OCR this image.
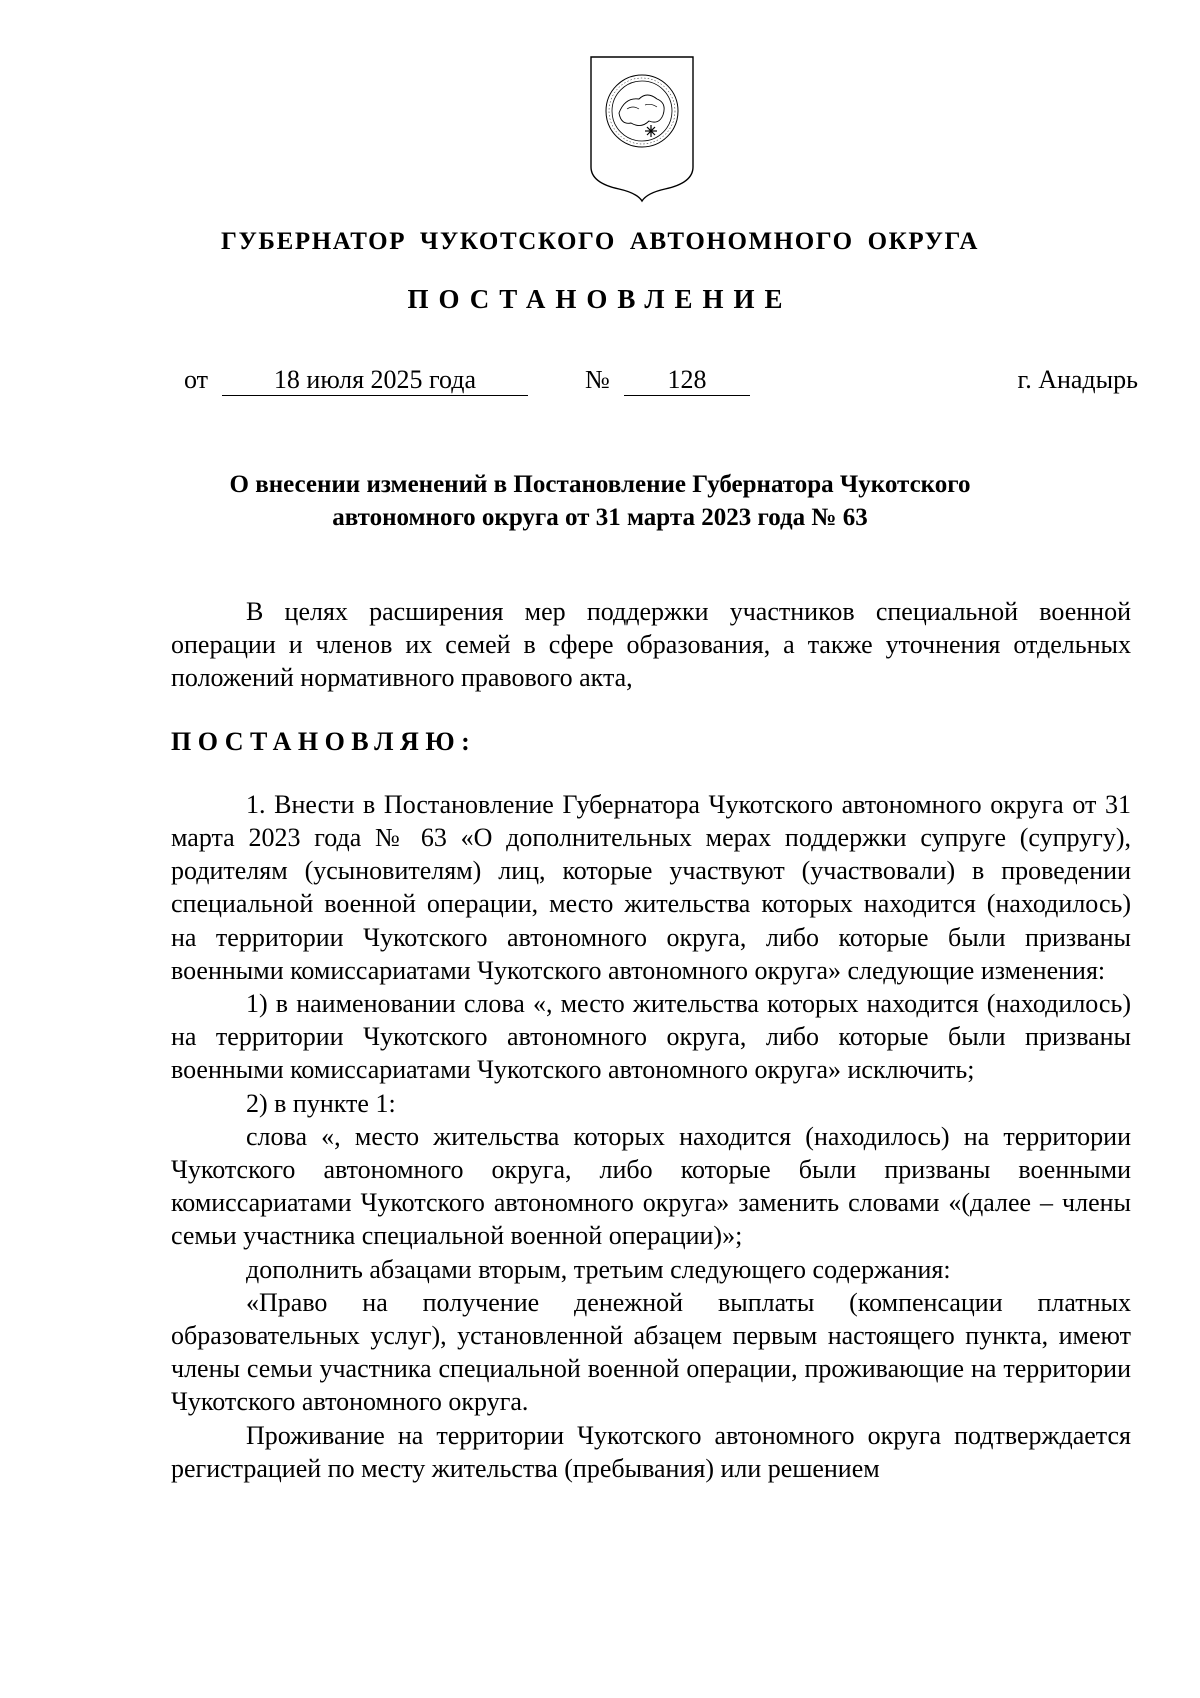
ГУБЕРНАТОР ЧУКОТСКОГО АВТОНОМНОГО ОКРУГА
ПОСТАНОВЛЕНИЕ
от	18 июля 2025 года	№	128	г. Анадырь
О внесении изменений в Постановление Губернатора Чукотского
автономного округа от 31 марта 2023 года № 63

В целях расширения мер поддержки участников специальной военной операции и членов их семей в сфере образования, а также уточнения отдельных положений нормативного правового акта,

ПОСТАНОВЛЯЮ:

1. Внести в Постановление Губернатора Чукотского автономного округа от 31 марта 2023 года № 63 «О дополнительных мерах поддержки супруге (супругу), родителям (усыновителям) лиц, которые участвуют (участвовали) в проведении специальной военной операции, место жительства которых находится (находилось) на территории Чукотского автономного округа, либо которые были призваны военными комиссариатами Чукотского автономного округа» следующие изменения:

1) в наименовании слова «, место жительства которых находится (находилось) на территории Чукотского автономного округа, либо которые были призваны военными комиссариатами Чукотского автономного округа» исключить;

2) в пункте 1:

слова «, место жительства которых находится (находилось) на территории Чукотского автономного округа, либо которые были призваны военными комиссариатами Чукотского автономного округа» заменить словами «(далее – члены семьи участника специальной военной операции)»;

дополнить абзацами вторым, третьим следующего содержания:

«Право на получение денежной выплаты (компенсации платных образовательных услуг), установленной абзацем первым настоящего пункта, имеют члены семьи участника специальной военной операции, проживающие на территории Чукотского автономного округа.

Проживание на территории Чукотского автономного округа подтверждается регистрацией по месту жительства (пребывания) или решением
